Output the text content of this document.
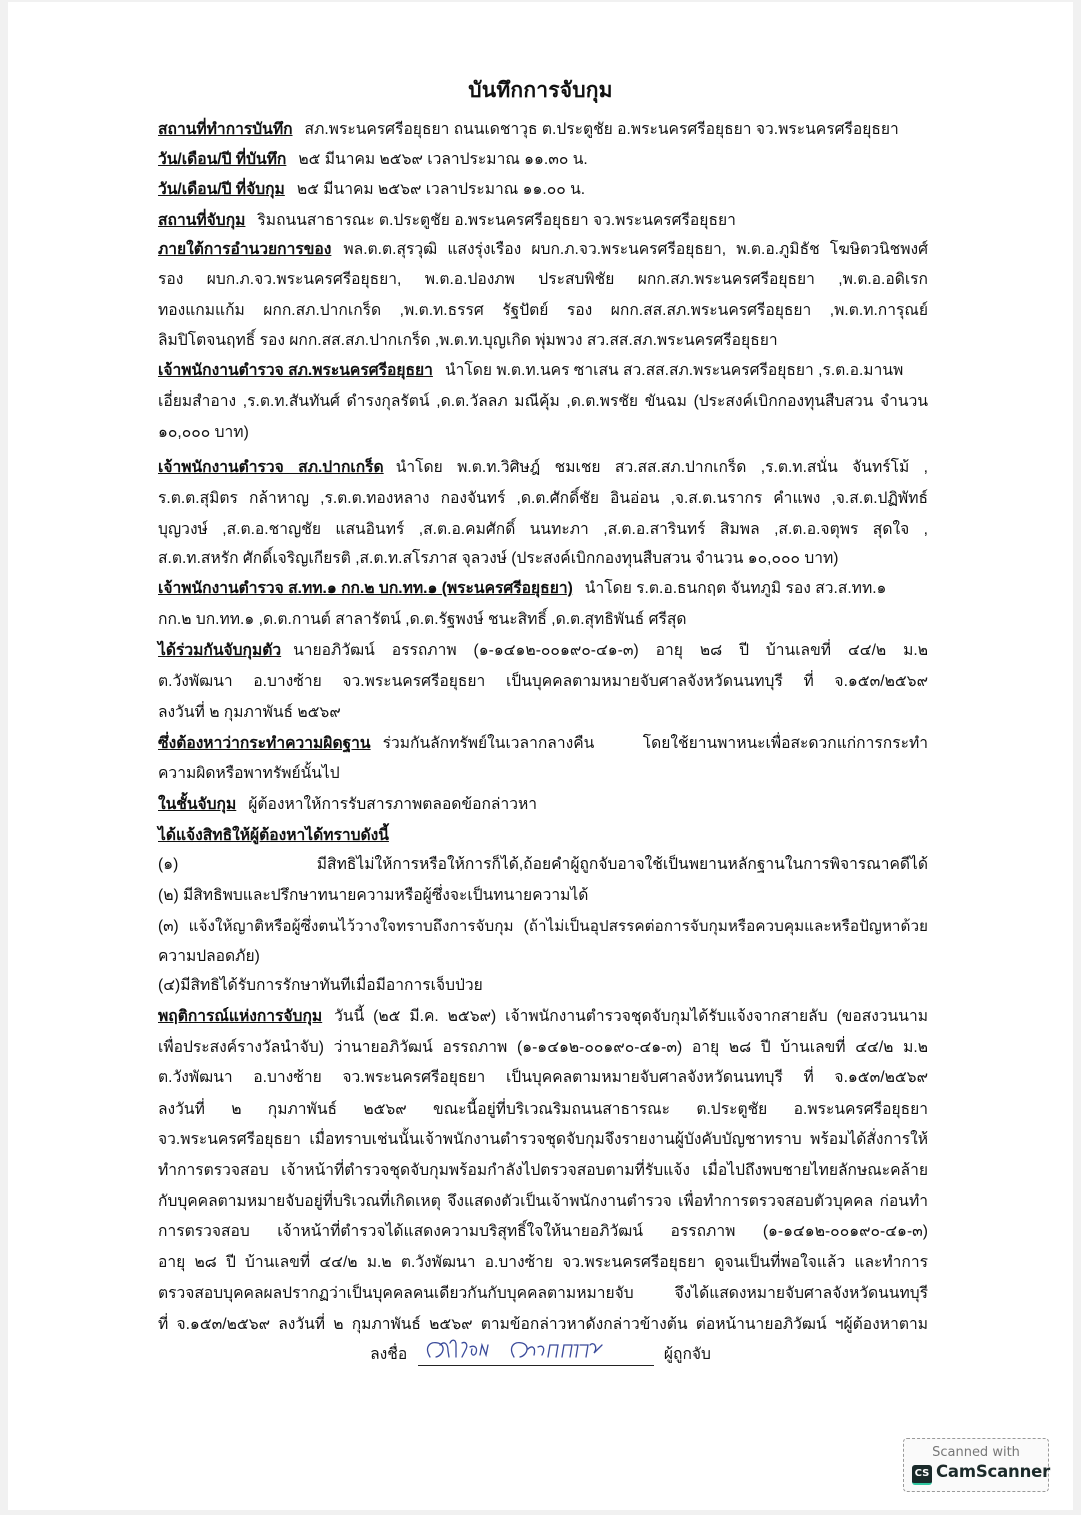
บันทึกการจับกุม
สถานที่ทำการบันทึก สภ.พระนครศรีอยุธยา ถนนเดชาวุธ ต.ประตูชัย อ.พระนครศรีอยุธยา จว.พระนครศรีอยุธยา
วัน/เดือน/ปี ที่บันทึก ๒๕ มีนาคม ๒๕๖๙ เวลาประมาณ ๑๑.๓๐ น.
วัน/เดือน/ปี ที่จับกุม ๒๕ มีนาคม ๒๕๖๙ เวลาประมาณ ๑๑.๐๐ น.
สถานที่จับกุม ริมถนนสาธารณะ ต.ประตูชัย อ.พระนครศรีอยุธยา จว.พระนครศรีอยุธยา
ภายใต้การอำนวยการของ พล.ต.ต.สุรวุฒิ แสงรุ่งเรือง ผบก.ภ.จว.พระนครศรีอยุธยา, พ.ต.อ.ภูมิธัช โฆษิตวนิชพงศ์
รอง ผบก.ภ.จว.พระนครศรีอยุธยา, พ.ต.อ.ปองภพ ประสบพิชัย ผกก.สภ.พระนครศรีอยุธยา ,พ.ต.อ.อดิเรก
ทองแกมแก้ม ผกก.สภ.ปากเกร็ด ,พ.ต.ท.ธรรศ รัฐปัตย์ รอง ผกก.สส.สภ.พระนครศรีอยุธยา ,พ.ต.ท.การุณย์
ลิมปิโตจนฤทธิ์ รอง ผกก.สส.สภ.ปากเกร็ด ,พ.ต.ท.บุญเกิด พุ่มพวง สว.สส.สภ.พระนครศรีอยุธยา
เจ้าพนักงานตำรวจ สภ.พระนครศรีอยุธยา นำโดย พ.ต.ท.นคร ซาเสน สว.สส.สภ.พระนครศรีอยุธยา ,ร.ต.อ.มานพ
เอี่ยมสำอาง ,ร.ต.ท.สันทันศ์ ดำรงกุลรัตน์ ,ด.ต.วัลลภ มณีคุ้ม ,ด.ต.พรชัย ขันฉม (ประสงค์เบิกกองทุนสืบสวน จำนวน
๑๐,๐๐๐ บาท)
เจ้าพนักงานตำรวจ สภ.ปากเกร็ด นำโดย พ.ต.ท.วิศิษฎ์ ชมเชย สว.สส.สภ.ปากเกร็ด ,ร.ต.ท.สนั่น จันทร์โม้ ,
ร.ต.ต.สุมิตร กล้าหาญ ,ร.ต.ต.ทองหลาง กองจันทร์ ,ด.ต.ศักดิ์ชัย อินอ่อน ,จ.ส.ต.นรากร คำแพง ,จ.ส.ต.ปฏิพัทธ์
บุญวงษ์ ,ส.ต.อ.ชาญชัย แสนอินทร์ ,ส.ต.อ.คมศักดิ์ นนทะภา ,ส.ต.อ.สารินทร์ สิมพล ,ส.ต.อ.จตุพร สุดใจ ,
ส.ต.ท.สหรัก ศักดิ์เจริญเกียรติ ,ส.ต.ท.สโรภาส จุลวงษ์ (ประสงค์เบิกกองทุนสืบสวน จำนวน ๑๐,๐๐๐ บาท)
เจ้าพนักงานตำรวจ ส.ทท.๑ กก.๒ บก.ทท.๑ (พระนครศรีอยุธยา) นำโดย ร.ต.อ.ธนกฤต จันทภูมิ รอง สว.ส.ทท.๑
กก.๒ บก.ทท.๑ ,ด.ต.กานต์ สาลารัตน์ ,ด.ต.รัฐพงษ์ ชนะสิทธิ์ ,ด.ต.สุทธิพันธ์ ศรีสุด
ได้ร่วมกันจับกุมตัว นายอภิวัฒน์ อรรถภาพ (๑-๑๔๑๒-๐๐๑๙๐-๔๑-๓) อายุ ๒๘ ปี บ้านเลขที่ ๔๔/๒ ม.๒
ต.วังพัฒนา อ.บางซ้าย จว.พระนครศรีอยุธยา เป็นบุคคลตามหมายจับศาลจังหวัดนนทบุรี ที่ จ.๑๕๓/๒๕๖๙
ลงวันที่ ๒ กุมภาพันธ์ ๒๕๖๙
ซึ่งต้องหาว่ากระทำความผิดฐาน ร่วมกันลักทรัพย์ในเวลากลางคืน โดยใช้ยานพาหนะเพื่อสะดวกแก่การกระทำ
ความผิดหรือพาทรัพย์นั้นไป
ในชั้นจับกุม ผู้ต้องหาให้การรับสารภาพตลอดข้อกล่าวหา
ได้แจ้งสิทธิให้ผู้ต้องหาได้ทราบดังนี้
(๑) มีสิทธิไม่ให้การหรือให้การก็ได้,ถ้อยคำผู้ถูกจับอาจใช้เป็นพยานหลักฐานในการพิจารณาคดีได้
(๒) มีสิทธิพบและปรึกษาทนายความหรือผู้ซึ่งจะเป็นทนายความได้
(๓) แจ้งให้ญาติหรือผู้ซึ่งตนไว้วางใจทราบถึงการจับกุม (ถ้าไม่เป็นอุปสรรคต่อการจับกุมหรือควบคุมและหรือปัญหาด้วย
ความปลอดภัย)
(๔)มีสิทธิได้รับการรักษาทันทีเมื่อมีอาการเจ็บป่วย
พฤติการณ์แห่งการจับกุม วันนี้ (๒๕ มี.ค. ๒๕๖๙) เจ้าพนักงานตำรวจชุดจับกุมได้รับแจ้งจากสายลับ (ขอสงวนนาม
เพื่อประสงค์รางวัลนำจับ) ว่านายอภิวัฒน์ อรรถภาพ (๑-๑๔๑๒-๐๐๑๙๐-๔๑-๓) อายุ ๒๘ ปี บ้านเลขที่ ๔๔/๒ ม.๒
ต.วังพัฒนา อ.บางซ้าย จว.พระนครศรีอยุธยา เป็นบุคคลตามหมายจับศาลจังหวัดนนทบุรี ที่ จ.๑๕๓/๒๕๖๙
ลงวันที่ ๒ กุมภาพันธ์ ๒๕๖๙ ขณะนี้อยู่ที่บริเวณริมถนนสาธารณะ ต.ประตูชัย อ.พระนครศรีอยุธยา
จว.พระนครศรีอยุธยา เมื่อทราบเช่นนั้นเจ้าพนักงานตำรวจชุดจับกุมจึงรายงานผู้บังคับบัญชาทราบ พร้อมได้สั่งการให้
ทำการตรวจสอบ เจ้าหน้าที่ตำรวจชุดจับกุมพร้อมกำลังไปตรวจสอบตามที่รับแจ้ง เมื่อไปถึงพบชายไทยลักษณะคล้าย
กับบุคคลตามหมายจับอยู่ที่บริเวณที่เกิดเหตุ จึงแสดงตัวเป็นเจ้าพนักงานตำรวจ เพื่อทำการตรวจสอบตัวบุคคล ก่อนทำ
การตรวจสอบ เจ้าหน้าที่ตำรวจได้แสดงความบริสุทธิ์ใจให้นายอภิวัฒน์ อรรถภาพ (๑-๑๔๑๒-๐๐๑๙๐-๔๑-๓)
อายุ ๒๘ ปี บ้านเลขที่ ๔๔/๒ ม.๒ ต.วังพัฒนา อ.บางซ้าย จว.พระนครศรีอยุธยา ดูจนเป็นที่พอใจแล้ว และทำการ
ตรวจสอบบุคคลผลปรากฏว่าเป็นบุคคลคนเดียวกันกับบุคคลตามหมายจับ จึงได้แสดงหมายจับศาลจังหวัดนนทบุรี
ที่ จ.๑๕๓/๒๕๖๙ ลงวันที่ ๒ กุมภาพันธ์ ๒๕๖๙ ตามข้อกล่าวหาดังกล่าวข้างต้น ต่อหน้านายอภิวัฒน์ ฯผู้ต้องหาตาม
ลงชื่อ	ผู้ถูกจับ
Scanned with
CS CamScanner
